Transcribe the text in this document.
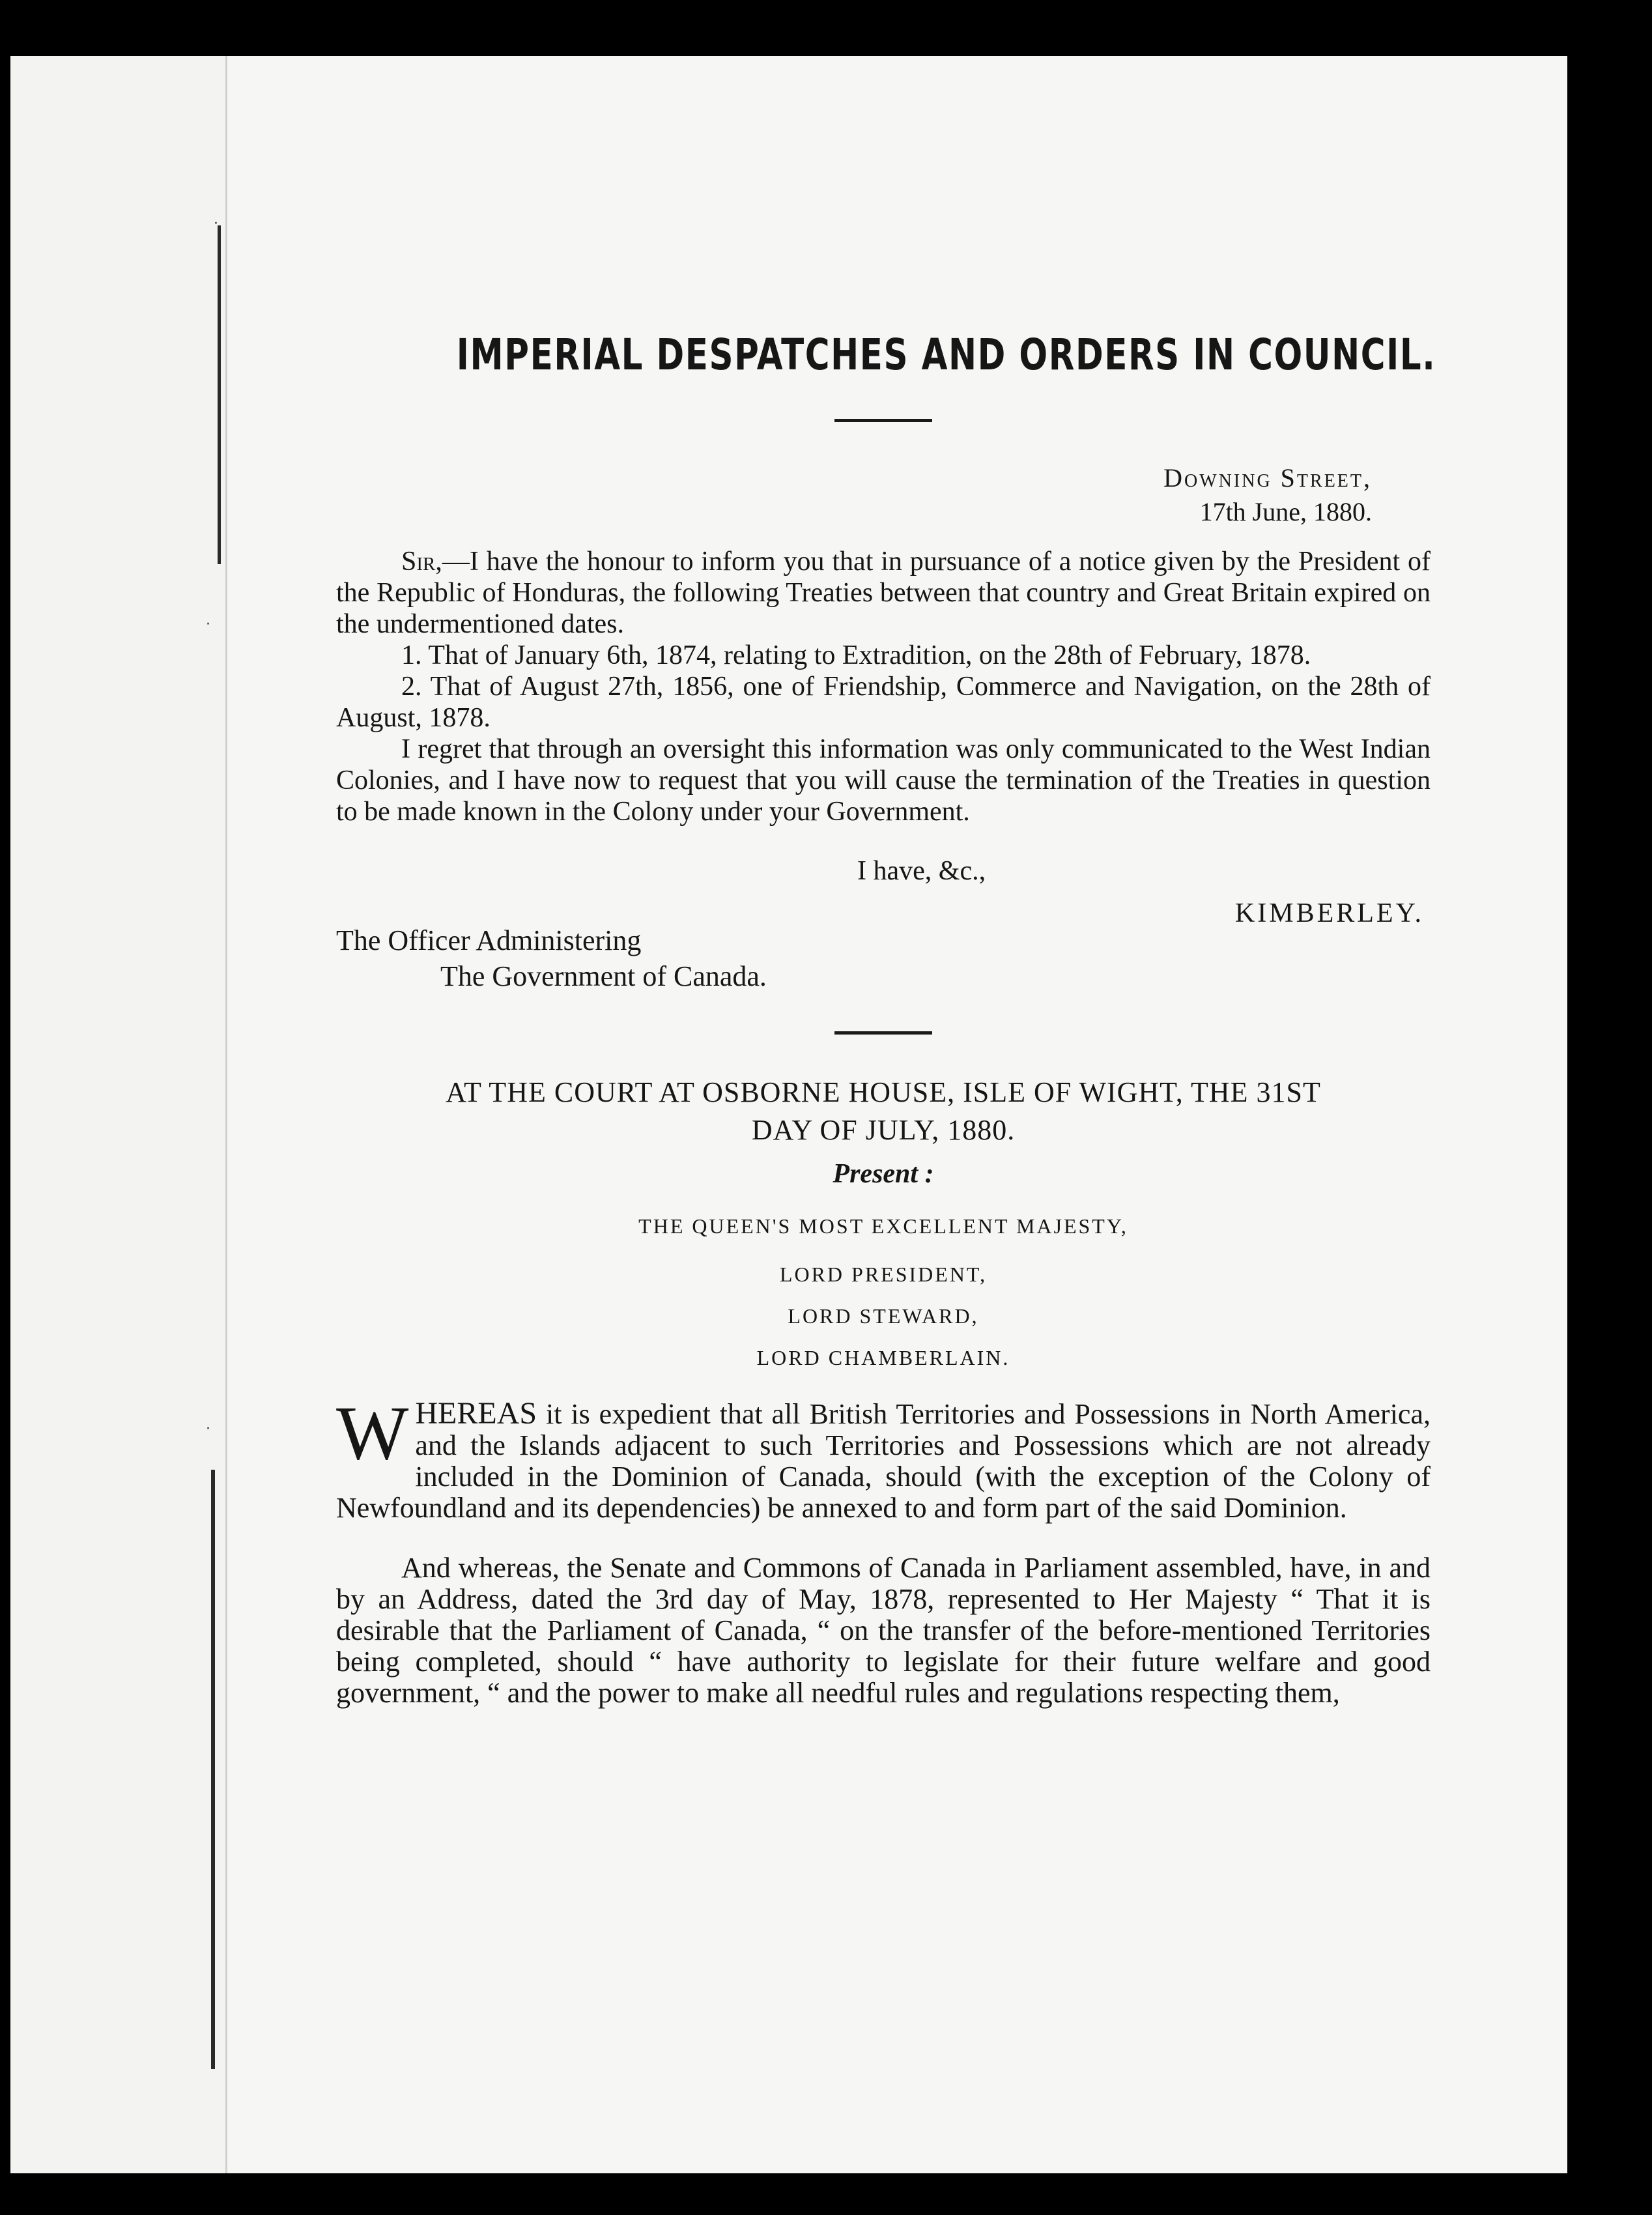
·
·
·
IMPERIAL DESPATCHES AND ORDERS IN COUNCIL.
Downing Street,
17th June, 1880.

Sir,—I have the honour to inform you that in pursuance of a notice given by the President of the Republic of Honduras, the following Treaties between that country and Great Britain expired on the undermentioned dates.

1. That of January 6th, 1874, relating to Extradition, on the 28th of February, 1878.

2. That of August 27th, 1856, one of Friendship, Commerce and Navigation, on the 28th of August, 1878.

I regret that through an oversight this information was only communicated to the West Indian Colonies, and I have now to request that you will cause the termination of the Treaties in question to be made known in the Colony under your Government.

I have, &c.,
KIMBERLEY.
The Officer Administering
The Government of Canada.
AT THE COURT AT OSBORNE HOUSE, ISLE OF WIGHT, THE 31ST
DAY OF JULY, 1880.
Present :
THE QUEEN'S MOST EXCELLENT MAJESTY,
LORD PRESIDENT,
LORD STEWARD,
LORD CHAMBERLAIN.

WHEREAS it is expedient that all British Territories and Possessions in North America, and the Islands adjacent to such Territories and Possessions which are not already included in the Dominion of Canada, should (with the exception of the Colony of Newfoundland and its dependencies) be annexed to and form part of the said Dominion.

And whereas, the Senate and Commons of Canada in Parliament assembled, have, in and by an Address, dated the 3rd day of May, 1878, represented to Her Majesty “ That it is desirable that the Parliament of Canada, “ on the transfer of the before-mentioned Territories being completed, should “ have authority to legislate for their future welfare and good government, “ and the power to make all needful rules and regulations respecting them,
